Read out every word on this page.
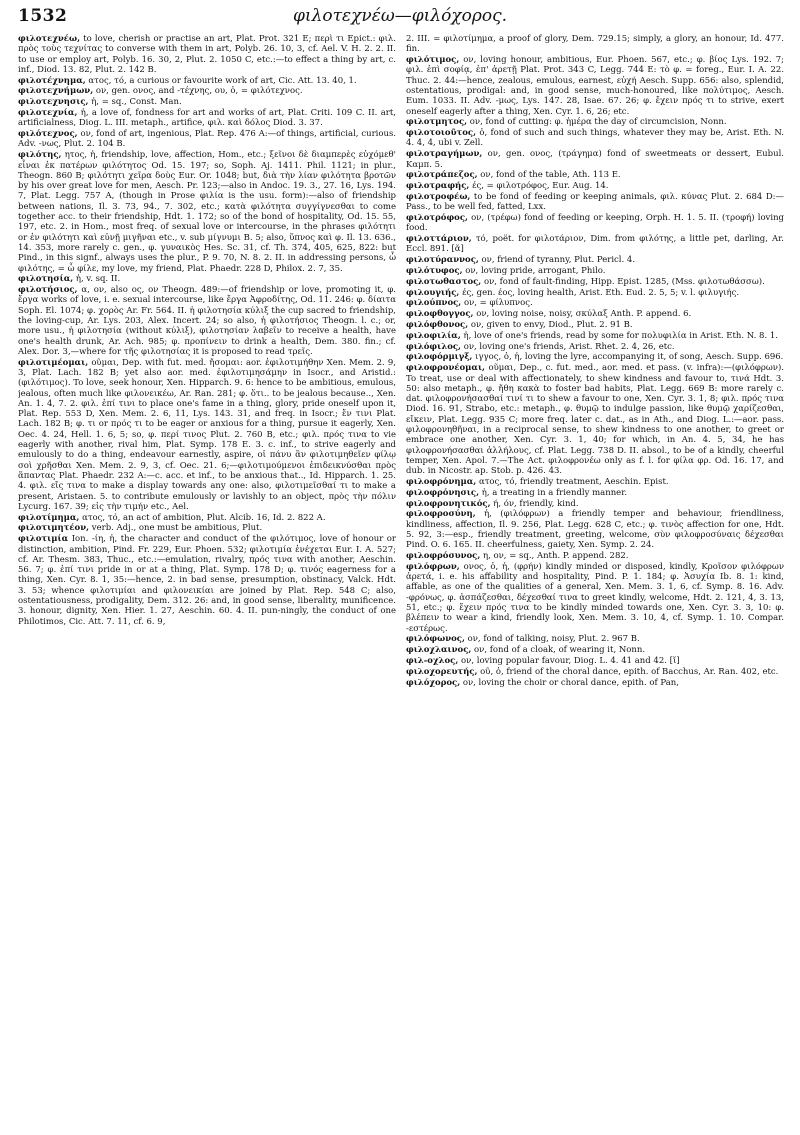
1532	φιλοτεχνέω—φιλόχορος.

φιλοτεχνέω, to love, cherish or practise an art, Plat. Prot. 321 E; περὶ τι Epict.: φιλ. πρὸς τοὺς τεχνίτας to converse with them in art, Polyb. 26. 10, 3, cf. Ael. V. H. 2. 2. II. to use or employ art, Polyb. 16. 30, 2, Plut. 2. 1050 C, etc.:—to effect a thing by art, c. inf., Diod. 13. 82, Plut. 2. 142 B.

φιλοτέχνημα, ατος, τό, a curious or favourite work of art, Cic. Att. 13. 40, 1.

φιλοτεχνήμων, ον, gen. ονος, and -τέχνης, ου, ὁ, = φιλότεχνος.

φιλοτεχνησις, ἡ, = sq., Const. Man.

φιλοτεχνία, ἡ, a love of, fondness for art and works of art, Plat. Criti. 109 C. II. art, artificialness, Diog. L. III. metaph., artifice, φιλ. καὶ δόλος Diod. 3. 37.

φιλότεχνος, ον, fond of art, ingenious, Plat. Rep. 476 A:—of things, artificial, curious. Adv. -νως, Plut. 2. 104 B.

φιλότης, ητος, ἡ, friendship, love, affection, Hom., etc.; ξεῖνοι δὲ διαμπερὲς εὐχόμεθ' εἶναι ἐκ πατέρων φιλότητος Od. 15. 197; so, Soph. Aj. 1411. Phil. 1121; in plur., Theogn. 860 B; φιλότητι χεῖρα δοὺς Eur. Or. 1048; but, διὰ τὴν λίαν φιλότητα βροτῶν by his over great love for men, Aesch. Pr. 123;—also in Andoc. 19. 3., 27. 16, Lys. 194. 7, Plat. Legg. 757 A, (though in Prose φιλία is the usu. form):—also of friendship between nations, Il. 3. 73, 94., 7. 302, etc.; κατὰ φιλότητα συγγίγνεσθαι to come together acc. to their friendship, Hdt. 1. 172; so of the bond of hospitality, Od. 15. 55, 197, etc. 2. in Hom., most freq. of sexual love or intercourse, in the phrases φιλότητι or ἐν φιλότητι καὶ εὐνῇ μιγῆναι etc., v. sub μίγνυμι B. 5; also, ὕπνος καὶ φ. Il. 13. 636., 14. 353, more rarely c. gen., φ. γυναικὸς Hes. Sc. 31, cf. Th. 374, 405, 625, 822: but Pind., in this signf., always uses the plur., P. 9. 70, N. 8. 2. II. in addressing persons, ὦ φιλότης, = ὦ φίλε, my love, my friend, Plat. Phaedr. 228 D, Philox. 2. 7, 35.

φιλοτησία, ἡ, v. sq. II.

φιλοτήσιος, α, ον, also ος, ον Theogn. 489:—of friendship or love, promoting it, φ. ἔργα works of love, i. e. sexual intercourse, like ἔργα Ἀφροδίτης, Od. 11. 246: φ. δίαιτα Soph. El. 1074; φ. χορὸς Ar. Fr. 564. II. ἡ φιλοτησία κύλιξ the cup sacred to friendship, the loving-cup, Ar. Lys. 203, Alex. Incert. 24; so also, ἡ φιλοτήσιος Theogn. l. c.; or, more usu., ἡ φιλοτησία (without κύλιξ), φιλοτησίαν λαβεῖν to receive a health, have one's health drunk, Ar. Ach. 985; φ. προπίνειν to drink a health, Dem. 380. fin.; cf. Alex. Dor. 3,—where for τῆς φιλοτησίας it is proposed to read τρεῖς.

φιλοτιμέομαι, οῦμαι, Dep. with fut. med. ἤσομαι: aor. ἐφιλοτιμήθην Xen. Mem. 2. 9, 3, Plat. Lach. 182 B; yet also aor. med. ἐφιλοτιμησάμην in Isocr., and Aristid.: (φιλότιμος). To love, seek honour, Xen. Hipparch. 9. 6: hence to be ambitious, emulous, jealous, often much like φιλονεικέω, Ar. Ran. 281; φ. ὅτι.. to be jealous because.., Xen. An. 1. 4, 7. 2. φιλ. ἐπί τινι to place one's fame in a thing, glory, pride oneself upon it, Plat. Rep. 553 D, Xen. Mem. 2. 6, 11, Lys. 143. 31, and freq. in Isocr.; ἔν τινι Plat. Lach. 182 B; φ. τι or πρός τι to be eager or anxious for a thing, pursue it eagerly, Xen. Oec. 4. 24, Hell. 1. 6, 5; so, φ. περί τινος Plut. 2. 760 B, etc.; φιλ. πρός τινα to vie eagerly with another, rival him, Plat. Symp. 178 E. 3. c. inf., to strive eagerly and emulously to do a thing, endeavour earnestly, aspire, οἱ πάνυ ἂν φιλοτιμηθεῖεν φίλῳ σοὶ χρῆσθαι Xen. Mem. 2. 9, 3, cf. Oec. 21. 6;—φιλοτιμούμενοι ἐπιδεικνύσθαι πρὸς ἅπαντας Plat. Phaedr. 232 A:—c. acc. et inf., to be anxious that.., Id. Hipparch. 1. 25. 4. φιλ. εἴς τινα to make a display towards any one: also, φιλοτιμεῖσθαί τι to make a present, Aristaen. 5. to contribute emulously or lavishly to an object, πρὸς τὴν πόλιν Lycurg. 167. 39; εἰς τὴν τιμήν etc., Ael.

φιλοτίμημα, ατος, τό, an act of ambition, Plut. Alcib. 16, Id. 2. 822 A.

φιλοτιμητέον, verb. Adj., one must be ambitious, Plut.

φιλοτιμία Ion. -ίη, ἡ, the character and conduct of the φιλότιμος, love of honour or distinction, ambition, Pind. Fr. 229, Eur. Phoen. 532; φιλοτιμία ἐνέχεται Eur. I. A. 527; cf. Ar. Thesm. 383, Thuc., etc.:—emulation, rivalry, πρός τινα with another, Aeschin. 56. 7; φ. ἐπί τινι pride in or at a thing, Plat. Symp. 178 D; φ. τινός eagerness for a thing, Xen. Cyr. 8. 1, 35:—hence, 2. in bad sense, presumption, obstinacy, Valck. Hdt. 3. 53; whence φιλοτιμίαι and φιλονεικίαι are joined by Plat. Rep. 548 C; also, ostentatiousness, prodigality, Dem. 312. 26: and, in good sense, liberality, munificence. 3. honour, dignity, Xen. Hier. 1. 27, Aeschin. 60. 4. II. pun-ningly, the conduct of one Philotimos, Cic. Att. 7. 11, cf. 6. 9,

2. III. = φιλοτίμημα, a proof of glory, Dem. 729.15; simply, a glory, an honour, Id. 477. fin.

φιλότιμος, ον, loving honour, ambitious, Eur. Phoen. 567, etc.; φ. βίος Lys. 192. 7; φιλ. ἐπὶ σοφίᾳ, ἐπ' ἀρετῇ Plat. Prot. 343 C, Legg. 744 E: τὸ φ. = foreg., Eur. I. A. 22. Thuc. 2. 44:—hence, zealous, emulous, earnest, εὐχή Aesch. Supp. 656: also, splendid, ostentatious, prodigal: and, in good sense, much-honoured, like πολύτιμος, Aesch. Eum. 1033. II. Adv. -μως, Lys. 147. 28, Isae. 67. 26; φ. ἔχειν πρός τι to strive, exert oneself eagerly after a thing, Xen. Cyr. 1. 6, 26; etc.

φιλοτμητος, ον, fond of cutting: φ. ἡμέρα the day of circumcision, Nonn.

φιλοτοιοῦτος, ὁ, fond of such and such things, whatever they may be, Arist. Eth. N. 4. 4, 4, ubi v. Zell.

φιλοτραγήμων, ον, gen. ονος, (τράγημα) fond of sweetmeats or dessert, Eubul. Καμπ. 5.

φιλοτράπεζος, ον, fond of the table, Ath. 113 E.

φιλοτραφής, ές, = φιλοτρόφος, Eur. Aug. 14.

φιλοτροφέω, to be fond of feeding or keeping animals, φιλ. κύνας Plut. 2. 684 D:—Pass., to be well fed, fatted, Lxx.

φιλοτρόφος, ον, (τρέφω) fond of feeding or keeping, Orph. H. 1. 5. II. (τροφή) loving food.

φιλοττάριον, τό, poët. for φιλοτάριον, Dim. from φιλότης, a little pet, darling, Ar. Eccl. 891. [ᾰ]

φιλοτύραννος, ον, friend of tyranny, Plut. Pericl. 4.

φιλότυφος, ον, loving pride, arrogant, Philo.

φιλοτωθαστος, ον, fond of fault-finding, Hipp. Epist. 1285, (Mss. φιλοτωθάσσω).

φιλουγιής, ές, gen. έος, loving health, Arist. Eth. Eud. 2. 5, 5; v. l. φιλυγιής.

φιλούπνος, ον, = φίλυπνος.

φιλοφθογγος, ον, loving noise, noisy, σκύλαξ Anth. P. append. 6.

φιλόφθονος, ον, given to envy, Diod., Plut. 2. 91 B.

φιλοφιλία, ἡ, love of one's friends, read by some for πολυφιλία in Arist. Eth. N. 8. 1.

φιλόφιλος, ον, loving one's friends, Arist. Rhet. 2. 4, 26, etc.

φιλοφόρμιγξ, ιγγος, ὁ, ἡ, loving the lyre, accompanying it, of song, Aesch. Supp. 696.

φιλοφρονέομαι, οῦμαι, Dep., c. fut. med., aor. med. et pass. (v. infra):—(φιλόφρων). To treat, use or deal with affectionately, to shew kindness and favour to, τινά Hdt. 3. 50: also metaph., φ. ἤθη κακὰ to foster bad habits, Plat. Legg. 669 B: more rarely c. dat. φιλοφρονήσασθαί τινί τι to shew a favour to one, Xen. Cyr. 3. 1, 8; φιλ. πρός τινα Diod. 16. 91, Strabo, etc.: metaph., φ. θυμῷ to indulge passion, like θυμῷ χαρίζεσθαι, εἴκειν, Plat. Legg. 935 C; more freq. later c. dat., as in Ath., and Diog. L.:—aor. pass. φιλοφρονηθῆναι, in a reciprocal sense, to shew kindness to one another, to greet or embrace one another, Xen. Cyr. 3. 1, 40; for which, in An. 4. 5, 34, he has φιλοφρονήσασθαι ἀλλήλους, cf. Plat. Legg. 738 D. II. absol., to be of a kindly, cheerful temper, Xen. Apol. 7.—The Act. φιλοφρονέω only as f. l. for φίλα φρ. Od. 16. 17, and dub. in Nicostr. ap. Stob. p. 426. 43.

φιλοφρόνημα, ατος, τό, friendly treatment, Aeschin. Epist.

φιλοφρόνησις, ἡ, a treating in a friendly manner.

φιλοφρονητικός, ή, όν, friendly, kind.

φιλοφροσύνη, ἡ, (φιλόφρων) a friendly temper and behaviour, friendliness, kindliness, affection, Il. 9. 256, Plat. Legg. 628 C, etc.; φ. τινὸς affection for one, Hdt. 5. 92, 3:—esp., friendly treatment, greeting, welcome, σὺν φιλοφροσύναις δέχεσθαι Pind. O. 6. 165. II. cheerfulness, gaiety, Xen. Symp. 2. 24.

φιλοφρόσυνος, η, ον, = sq., Anth. P. append. 282.

φιλόφρων, ονος, ὁ, ἡ, (φρήν) kindly minded or disposed, kindly, Κροῖσον φιλόφρων ἀρετά, i. e. his affability and hospitality, Pind. P. 1. 184; φ. Ἀσυχία Ib. 8. 1: kind, affable, as one of the qualities of a general, Xen. Mem. 3. 1, 6, cf. Symp. 8. 16. Adv. -φρόνως, φ. ἀσπάζεσθαι, δέχεσθαί τινα to greet kindly, welcome, Hdt. 2. 121, 4, 3. 13, 51, etc.; φ. ἔχειν πρός τινα to be kindly minded towards one, Xen. Cyr. 3. 3, 10: φ. βλέπειν to wear a kind, friendly look, Xen. Mem. 3. 10, 4, cf. Symp. 1. 10. Compar. -εστέρως.

φιλόφωνος, ον, fond of talking, noisy, Plut. 2. 967 B.

φιλοχλαινος, ον, fond of a cloak, of wearing it, Nonn.

φιλ-οχλος, ον, loving popular favour, Diog. L. 4. 41 and 42. [ῐ]

φιλοχορευτής, οῦ, ὁ, friend of the choral dance, epith. of Bacchus, Ar. Ran. 402, etc.

φιλόχορος, ον, loving the choir or choral dance, epith. of Pan,
